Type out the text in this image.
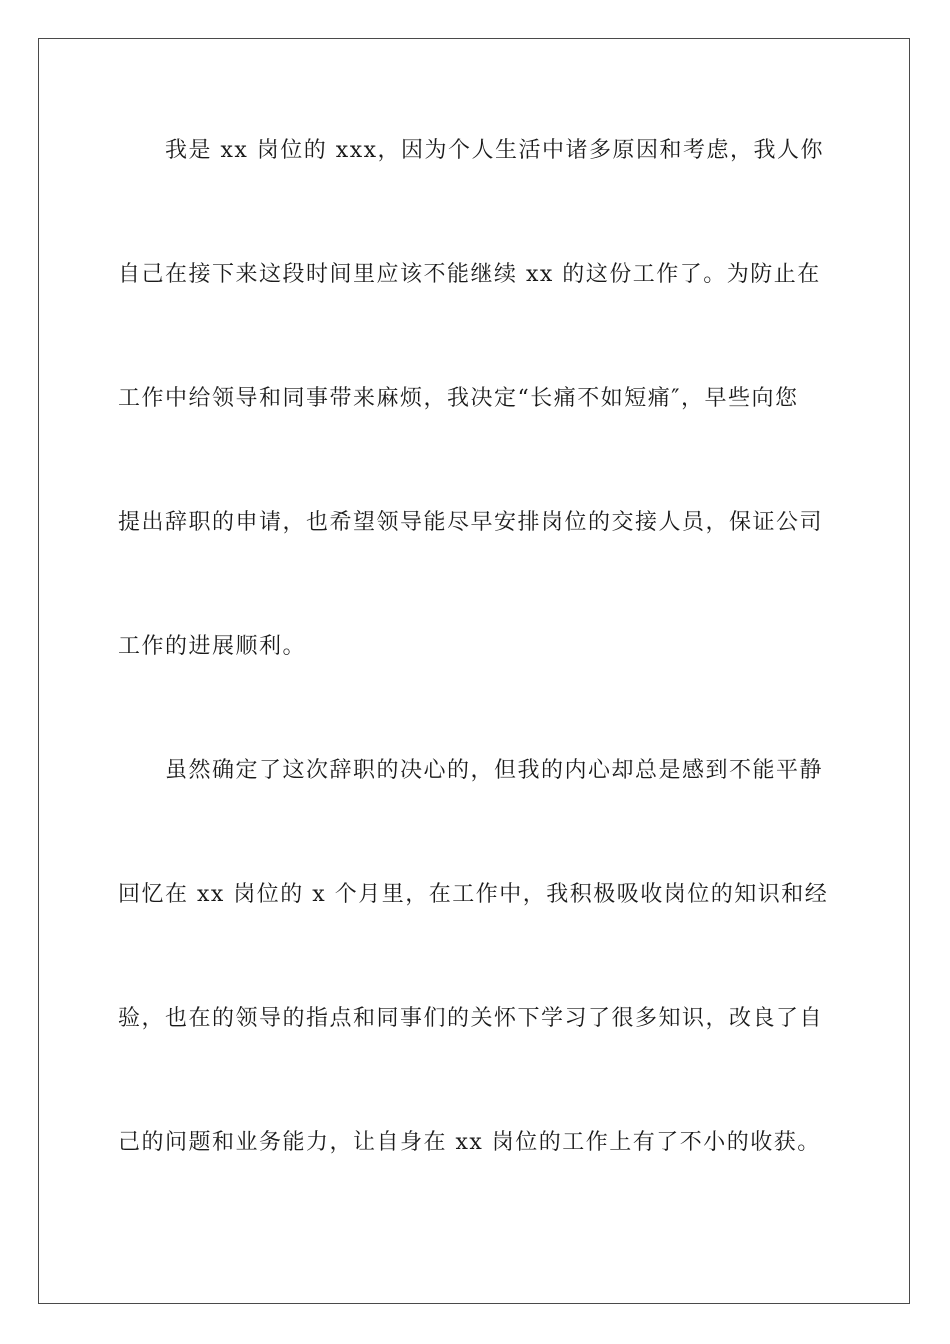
我是 xx 岗位的 xxx，因为个人生活中诸多原因和考虑，我人你
自己在接下来这段时间里应该不能继续 xx 的这份工作了。为防止在
工作中给领导和同事带来麻烦，我决定“长痛不如短痛″，早些向您
提出辞职的申请，也希望领导能尽早安排岗位的交接人员，保证公司
工作的进展顺利。
虽然确定了这次辞职的决心的，但我的内心却总是感到不能平静
回忆在 xx 岗位的 x 个月里，在工作中，我积极吸收岗位的知识和经
验，也在的领导的指点和同事们的关怀下学习了很多知识，改良了自
己的问题和业务能力，让自身在 xx 岗位的工作上有了不小的收获。
